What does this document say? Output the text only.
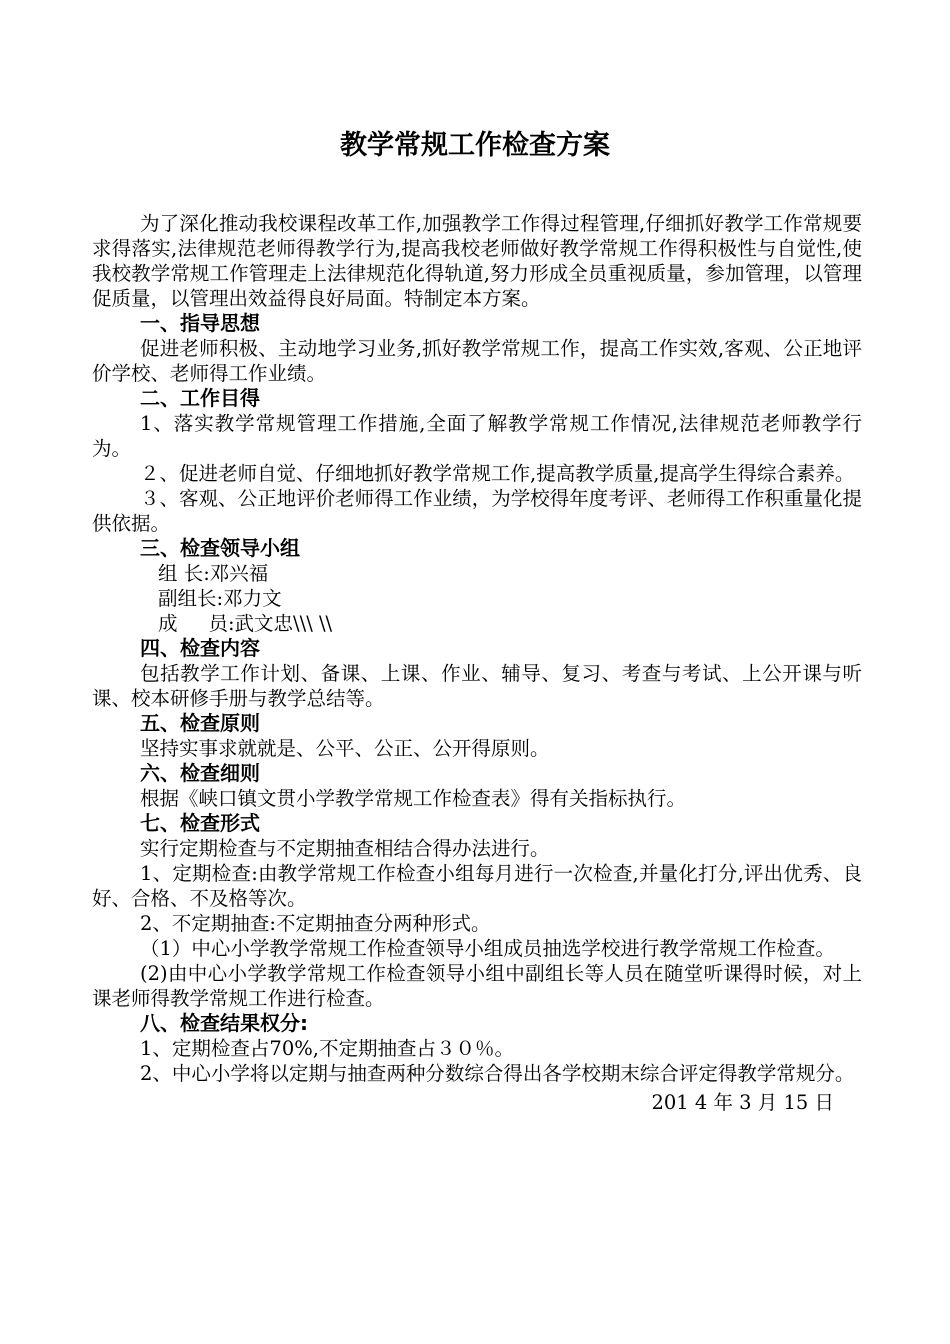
教学常规工作检查方案

为了深化推动我校课程改革工作,加强教学工作得过程管理,仔细抓好教学工作常规要求得落实,法律规范老师得教学行为,提高我校老师做好教学常规工作得积极性与自觉性,使我校教学常规工作管理走上法律规范化得轨道,努力形成全员重视质量，参加管理，以管理促质量，以管理出效益得良好局面。特制定本方案。

一、指导思想

促进老师积极、主动地学习业务,抓好教学常规工作，提高工作实效,客观、公正地评价学校、老师得工作业绩。

二、工作目得

1、落实教学常规管理工作措施,全面了解教学常规工作情况,法律规范老师教学行为。

２、促进老师自觉、仔细地抓好教学常规工作,提高教学质量,提高学生得综合素养。

３、客观、公正地评价老师得工作业绩，为学校得年度考评、老师得工作积重量化提供依据。

三、检查领导小组

组 长:邓兴福

副组长:邓力文

成     员:武文忠\\\ \\

四、检查内容

包括教学工作计划、备课、上课、作业、辅导、复习、考查与考试、上公开课与听课、校本研修手册与教学总结等。

五、检查原则

坚持实事求就就是、公平、公正、公开得原则。

六、检查细则

根据《峡口镇文贯小学教学常规工作检查表》得有关指标执行。

七、检查形式

实行定期检查与不定期抽查相结合得办法进行。

1、定期检查:由教学常规工作检查小组每月进行一次检查,并量化打分,评出优秀、良好、合格、不及格等次。

2、不定期抽查:不定期抽查分两种形式。

（1）中心小学教学常规工作检查领导小组成员抽选学校进行教学常规工作检查。

(2)由中心小学教学常规工作检查领导小组中副组长等人员在随堂听课得时候，对上课老师得教学常规工作进行检查。

八、检查结果权分:

1、定期检查占70%,不定期抽查占３０％。

2、中心小学将以定期与抽查两种分数综合得出各学校期末综合评定得教学常规分。

201 4 年 3 月 15 日
